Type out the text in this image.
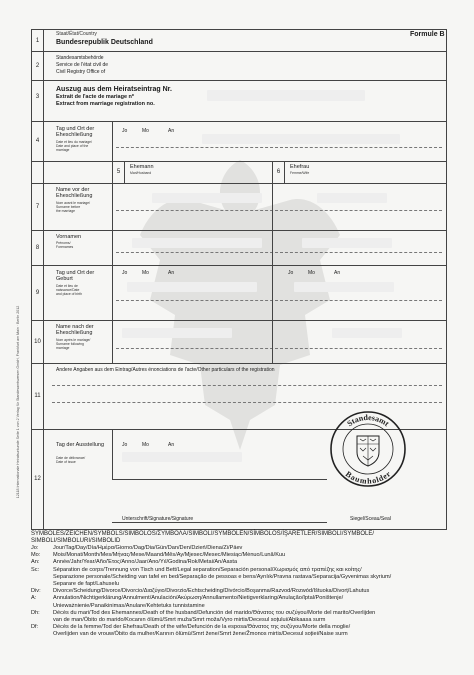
Formule B
12118 Internationale Heiratsurkunde Seite 1 von 2 Verlag für Standesamtswesen GmbH, Frankfurt am Main · Berlin 2012
1
Staat/État/Country
Bundesrepublik Deutschland
2
Standesamtsbehörde
Service de l'état civil de
Civil Registry Office of
3
Auszug aus dem Heiratseintrag Nr.
Extrait de l'acte de mariage nº
Extract from marriage registration no.
4
Tag und Ort der Eheschließung
Date et lieu du mariage/
Date and place of the
marriage
Jo	Mo	An
5
Ehemann
Mari/Husband	6
Ehefrau
Femme/Wife
7
Name vor der Eheschließung
Nom avant le mariage/
Surname before
the marriage
8
Vornamen
Prénoms/
Forenames
9
Tag und Ort der Geburt
Date et lieu de
naissance/Date
and place of birth
Jo	Mo	An	Jo	Mo	An
10
Name nach der Eheschließung
Nom après le mariage/
Surname following
marriage
11
Andere Angaben aus dem Eintrag/Autres énonciations de l'acte/Other particulars of the registration
12
Tag der Ausstellung
Date de délivrance/
Date of issue
Jo	Mo	An
Unterschrift/Signature/Signature	Siegel/Sceau/Seal
Standesamt
Baumholder
SYMBOLES/ZEICHEN/SYMBOLS/SIMBOLOS/ΣΥΜΒΟΛΑ/SIMBOLI/SYMBOLEN/SÍMBOLOS/İŞARETLER/SIMBOLI/SYMBOLE/
SIMBOLI/SIMBOLURI/SIMBOLID
Jo:	Jour/Tag/Day/Día/Ημέρα/Giorno/Dag/Dia/Gün/Dan/Den/Dzień/Diena/Zi/Päev
Mo: Mois/Monat/Month/Mes/Μήνας/Mese/Maand/Mês/Ay/Mjesec/Mesec/Miesiąc/Mėnuo/Lună/Kuu
An: Année/Jahr/Year/Año/Έτος/Anno/Jaar/Ano/Yıl/Godina/Rok/Metai/An/Aasta
Sc: Séparation de corps/Trennung von Tisch und Bett/Legal separation/Separación personal/Χωρισμός από τραπέζης και κοίτης/
Separazione personale/Scheiding van tafel en bed/Separação de pessoas e bens/Ayrılık/Pravna rastava/Separacija/Gyvenimas skyrium/
Separare de fapt/Lahuselu
Div: Divorce/Scheidung/Divorce/Divorcio/Διαζύγιο/Divorzio/Echtscheiding/Divórcio/Boşanma/Razvod/Rozwód/Ištuoka/Divorț/Lahutus
A:	Annulation/Nichtigerklärung/Annulment/Anulación/Ακύρωση/Annullamento/Nietigverklaring/Anulação/Iptal/Poništenje/
Unieważnienie/Panaikinimas/Anulare/Kehtetuks tunnistamine
Dh: Décès du mari/Tod des Ehemannes/Death of the husband/Defunción del marido/Θάνατος του συζύγου/Morte del marito/Overlijden
van de man/Óbito do marido/Kocanın ölümü/Smrt muža/Smrt moža/Vyro mirtis/Decesul soțului/Abikaasa surm
Df:	Décès de la femme/Tod der Ehefrau/Death of the wife/Defunción de la esposa/Θάνατος της συζύγου/Morte della moglie/
Overlijden van de vrouw/Óbito da mulher/Karının ölümü/Smrt žene/Smrt žene/Žmonos mirtis/Decesul soției/Naise surm
